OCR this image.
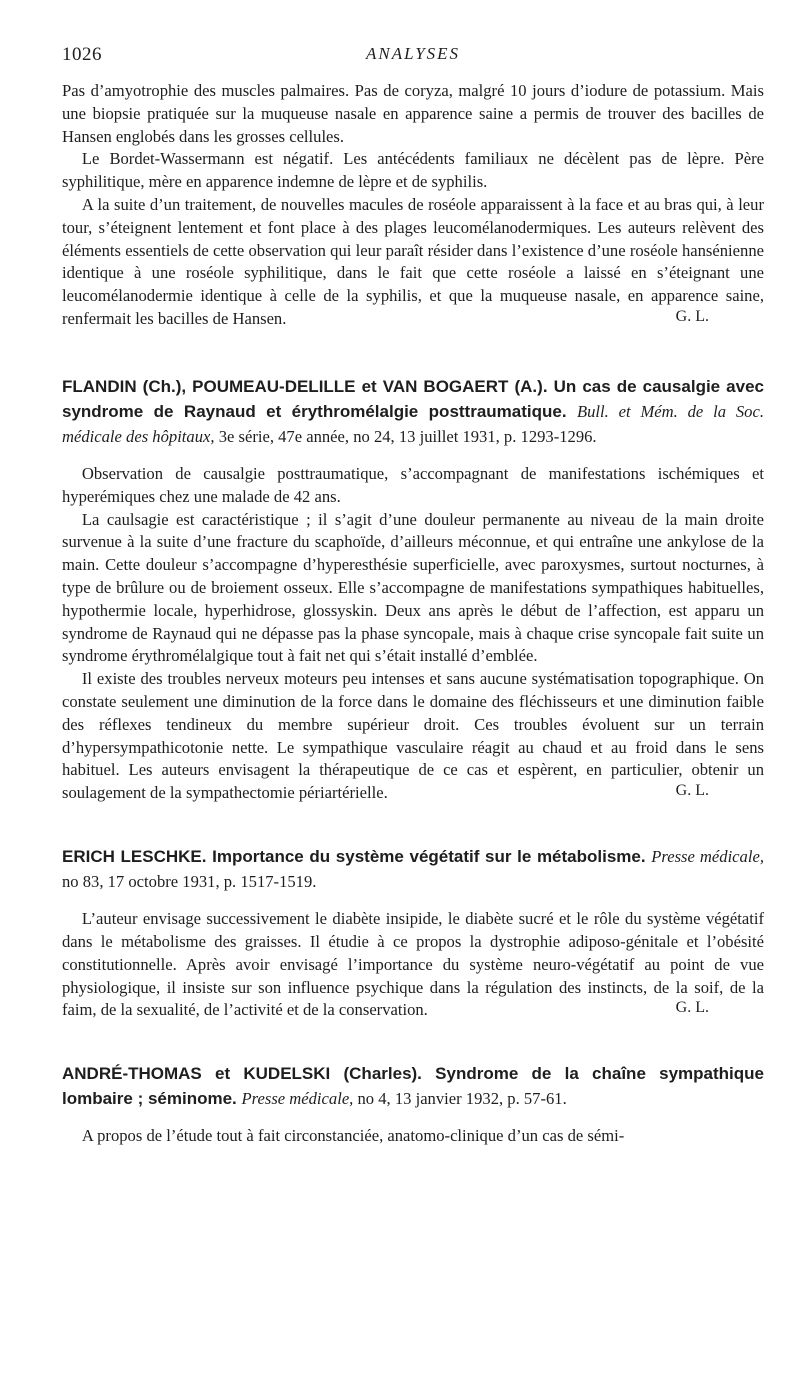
1026	ANALYSES

Pas d’amyotrophie des muscles palmaires. Pas de coryza, malgré 10 jours d’iodure de potassium. Mais une biopsie pratiquée sur la muqueuse nasale en apparence saine a permis de trouver des bacilles de Hansen englobés dans les grosses cellules.

Le Bordet-Wassermann est négatif. Les antécédents familiaux ne décèlent pas de lèpre. Père syphilitique, mère en apparence indemne de lèpre et de syphilis.

A la suite d’un traitement, de nouvelles macules de roséole apparaissent à la face et au bras qui, à leur tour, s’éteignent lentement et font place à des plages leucomélanodermiques. Les auteurs relèvent des éléments essentiels de cette observation qui leur paraît résider dans l’existence d’une roséole hansénienne identique à une roséole syphilitique, dans le fait que cette roséole a laissé en s’éteignant une leucomélanodermie identique à celle de la syphilis, et que la muqueuse nasale, en apparence saine, renfermait les bacilles de Hansen.	G. L.
FLANDIN (Ch.), POUMEAU-DELILLE et VAN BOGAERT (A.). Un cas de causalgie avec syndrome de Raynaud et érythromélalgie posttraumatique. Bull. et Mém. de la Soc. médicale des hôpitaux, 3e série, 47e année, no 24, 13 juillet 1931, p. 1293-1296.

Observation de causalgie posttraumatique, s’accompagnant de manifestations ischémiques et hyperémiques chez une malade de 42 ans.

La caulsagie est caractéristique ; il s’agit d’une douleur permanente au niveau de la main droite survenue à la suite d’une fracture du scaphoïde, d’ailleurs méconnue, et qui entraîne une ankylose de la main. Cette douleur s’accompagne d’hyperesthésie superficielle, avec paroxysmes, surtout nocturnes, à type de brûlure ou de broiement osseux. Elle s’accompagne de manifestations sympathiques habituelles, hypothermie locale, hyperhidrose, glossyskin. Deux ans après le début de l’affection, est apparu un syndrome de Raynaud qui ne dépasse pas la phase syncopale, mais à chaque crise syncopale fait suite un syndrome érythromélalgique tout à fait net qui s’était installé d’emblée.

Il existe des troubles nerveux moteurs peu intenses et sans aucune systématisation topographique. On constate seulement une diminution de la force dans le domaine des fléchisseurs et une diminution faible des réflexes tendineux du membre supérieur droit. Ces troubles évoluent sur un terrain d’hypersympathicotonie nette. Le sympathique vasculaire réagit au chaud et au froid dans le sens habituel. Les auteurs envisagent la thérapeutique de ce cas et espèrent, en particulier, obtenir un soulagement de la sympathectomie périartérielle.	G. L.
ERICH LESCHKE. Importance du système végétatif sur le métabolisme. Presse médicale, no 83, 17 octobre 1931, p. 1517-1519.

L’auteur envisage successivement le diabète insipide, le diabète sucré et le rôle du système végétatif dans le métabolisme des graisses. Il étudie à ce propos la dystrophie adiposo-génitale et l’obésité constitutionnelle. Après avoir envisagé l’importance du système neuro-végétatif au point de vue physiologique, il insiste sur son influence psychique dans la régulation des instincts, de la soif, de la faim, de la sexualité, de l’activité et de la conservation.	G. L.
ANDRÉ-THOMAS et KUDELSKI (Charles). Syndrome de la chaîne sympathique lombaire ; séminome. Presse médicale, no 4, 13 janvier 1932, p. 57-61.

A propos de l’étude tout à fait circonstanciée, anatomo-clinique d’un cas de sémi-
